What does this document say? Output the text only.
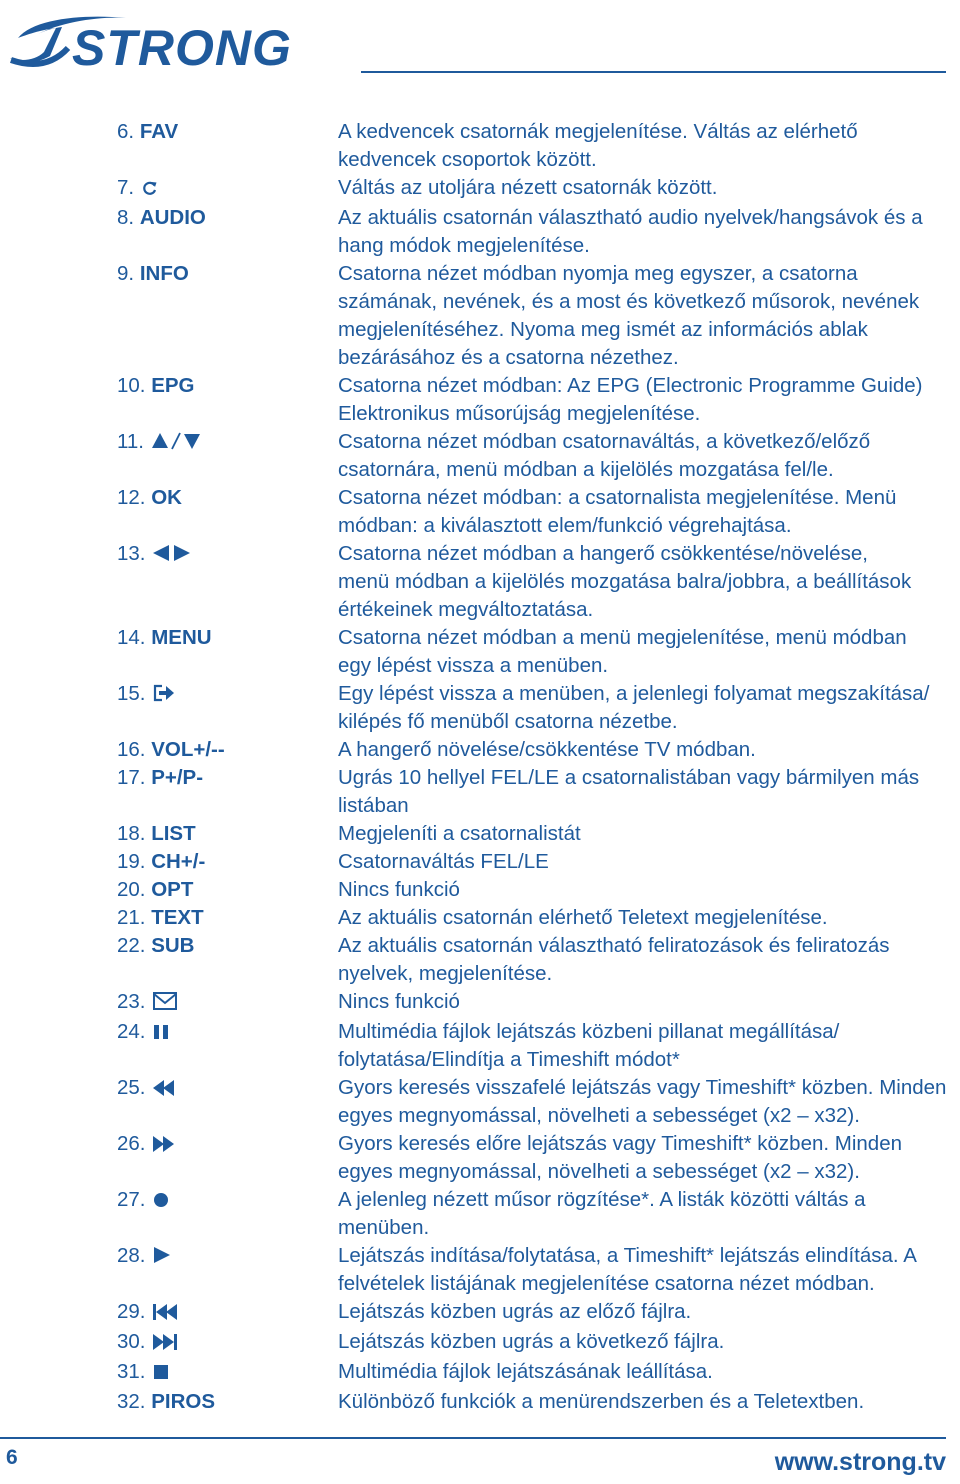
STRONG
6. FAV	A kedvencek csatornák megjelenítése. Váltás az elérhető
kedvencek csoportok között.
7.	Váltás az utoljára nézett csatornák között.
8. AUDIO	Az aktuális csatornán választható audio nyelvek/hangsávok és a
hang módok megjelenítése.
9. INFO	Csatorna nézet módban nyomja meg egyszer, a csatorna
számának, nevének, és a most és következő műsorok, nevének
megjelenítéséhez. Nyoma meg ismét az információs ablak
bezárásához és a csatorna nézethez.
10. EPG	Csatorna nézet módban: Az EPG (Electronic Programme Guide)
Elektronikus műsorújság megjelenítése.
11.	Csatorna nézet módban csatornaváltás, a következő/előző
csatornára, menü módban a kijelölés mozgatása fel/le.
12. OK	Csatorna nézet módban: a csatornalista megjelenítése. Menü
módban: a kiválasztott elem/funkció végrehajtása.
13.	Csatorna nézet módban a hangerő csökkentése/növelése,
menü módban a kijelölés mozgatása balra/jobbra, a beállítások
értékeinek megváltoztatása.
14. MENU	Csatorna nézet módban a menü megjelenítése, menü módban
egy lépést vissza a menüben.
15.	Egy lépést vissza a menüben, a jelenlegi folyamat megszakítása/
kilépés fő menüből csatorna nézetbe.
16. VOL+/--	A hangerő növelése/csökkentése TV módban.
17. P+/P-	Ugrás 10 hellyel FEL/LE a csatornalistában vagy bármilyen más
listában
18. LIST	Megjeleníti a csatornalistát
19. CH+/-	Csatornaváltás FEL/LE
20. OPT	Nincs funkció
21. TEXT	Az aktuális csatornán elérhető Teletext megjelenítése.
22. SUB	Az aktuális csatornán választható feliratozások és feliratozás
nyelvek, megjelenítése.
23.	Nincs funkció
24.	Multimédia fájlok lejátszás közbeni pillanat megállítása/
folytatása/Elindítja a Timeshift módot*
25.	Gyors keresés visszafelé lejátszás vagy Timeshift* közben. Minden
egyes megnyomással, növelheti a sebességet (x2 – x32).
26.	Gyors keresés előre lejátszás vagy Timeshift* közben. Minden
egyes megnyomással, növelheti a sebességet (x2 – x32).
27.	A jelenleg nézett műsor rögzítése*. A listák közötti váltás a
menüben.
28.	Lejátszás indítása/folytatása, a Timeshift* lejátszás elindítása. A
felvételek listájának megjelenítése csatorna nézet módban.
29.	Lejátszás közben ugrás az előző fájlra.
30.	Lejátszás közben ugrás a következő fájlra.
31.	Multimédia fájlok lejátszásának leállítása.
32. PIROS	Különböző funkciók a menürendszerben és a Teletextben.
6	www.strong.tv
